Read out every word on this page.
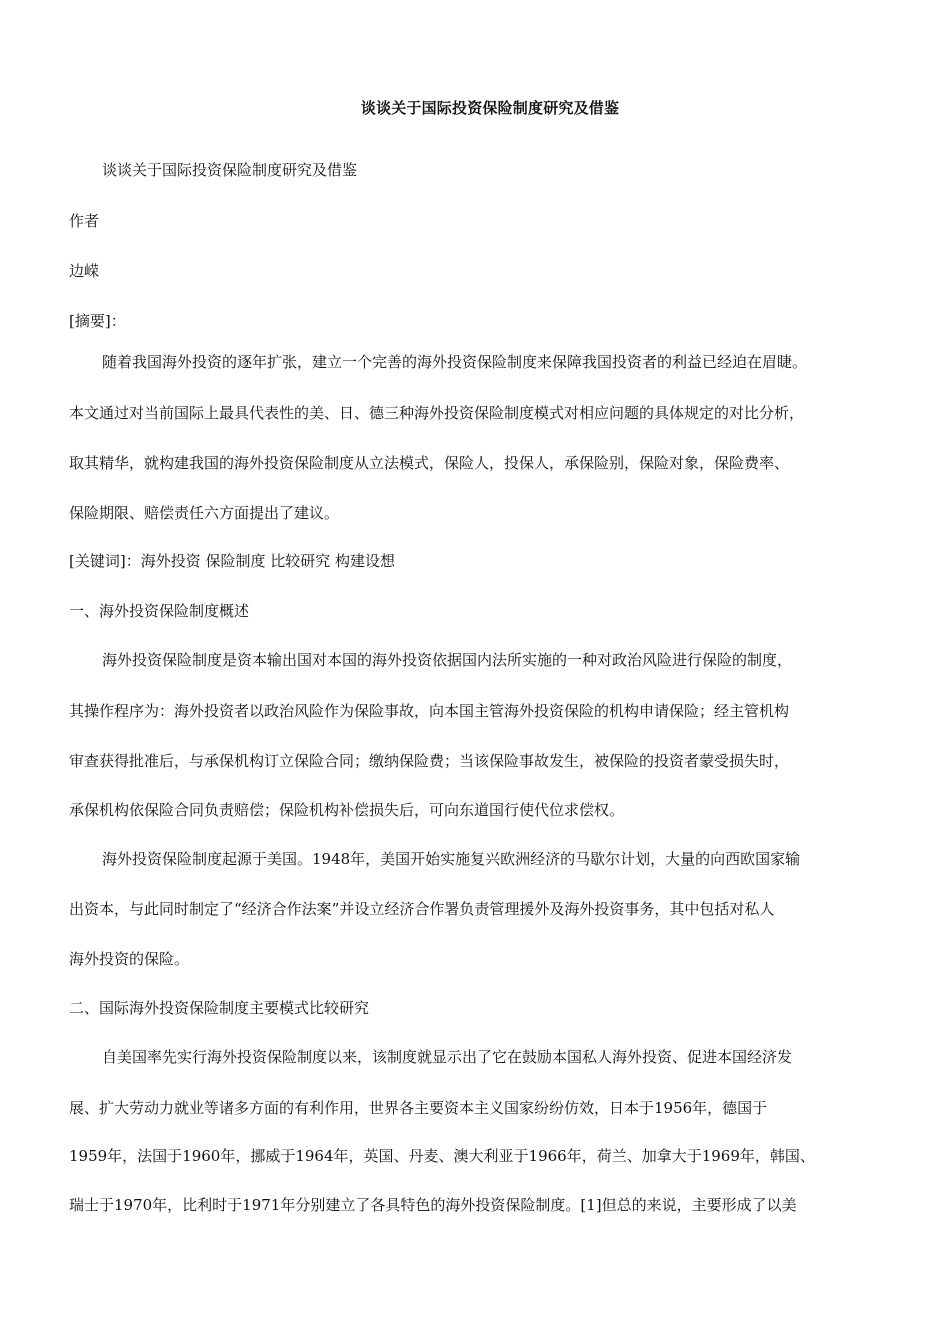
谈谈关于国际投资保险制度研究及借鉴
谈谈关于国际投资保险制度研究及借鉴
作者
边嵘
[摘要]：
随着我国海外投资的逐年扩张，建立一个完善的海外投资保险制度来保障我国投资者的利益已经迫在眉睫。
本文通过对当前国际上最具代表性的美、日、德三种海外投资保险制度模式对相应问题的具体规定的对比分析，
取其精华，就构建我国的海外投资保险制度从立法模式，保险人，投保人，承保险别，保险对象，保险费率、
保险期限、赔偿责任六方面提出了建议。
[关键词]：海外投资 保险制度 比较研究 构建设想
一、海外投资保险制度概述
海外投资保险制度是资本输出国对本国的海外投资依据国内法所实施的一种对政治风险进行保险的制度，
其操作程序为：海外投资者以政治风险作为保险事故，向本国主管海外投资保险的机构申请保险；经主管机构
审查获得批准后，与承保机构订立保险合同；缴纳保险费；当该保险事故发生，被保险的投资者蒙受损失时，
承保机构依保险合同负责赔偿；保险机构补偿损失后，可向东道国行使代位求偿权。
海外投资保险制度起源于美国。1948年，美国开始实施复兴欧洲经济的马歇尔计划，大量的向西欧国家输
出资本，与此同时制定了“经济合作法案”并设立经济合作署负责管理援外及海外投资事务，其中包括对私人
海外投资的保险。
二、国际海外投资保险制度主要模式比较研究
自美国率先实行海外投资保险制度以来，该制度就显示出了它在鼓励本国私人海外投资、促进本国经济发
展、扩大劳动力就业等诸多方面的有利作用，世界各主要资本主义国家纷纷仿效，日本于1956年，德国于
1959年，法国于1960年，挪威于1964年，英国、丹麦、澳大利亚于1966年，荷兰、加拿大于1969年，韩国、
瑞士于1970年，比利时于1971年分别建立了各具特色的海外投资保险制度。[1]但总的来说，主要形成了以美
